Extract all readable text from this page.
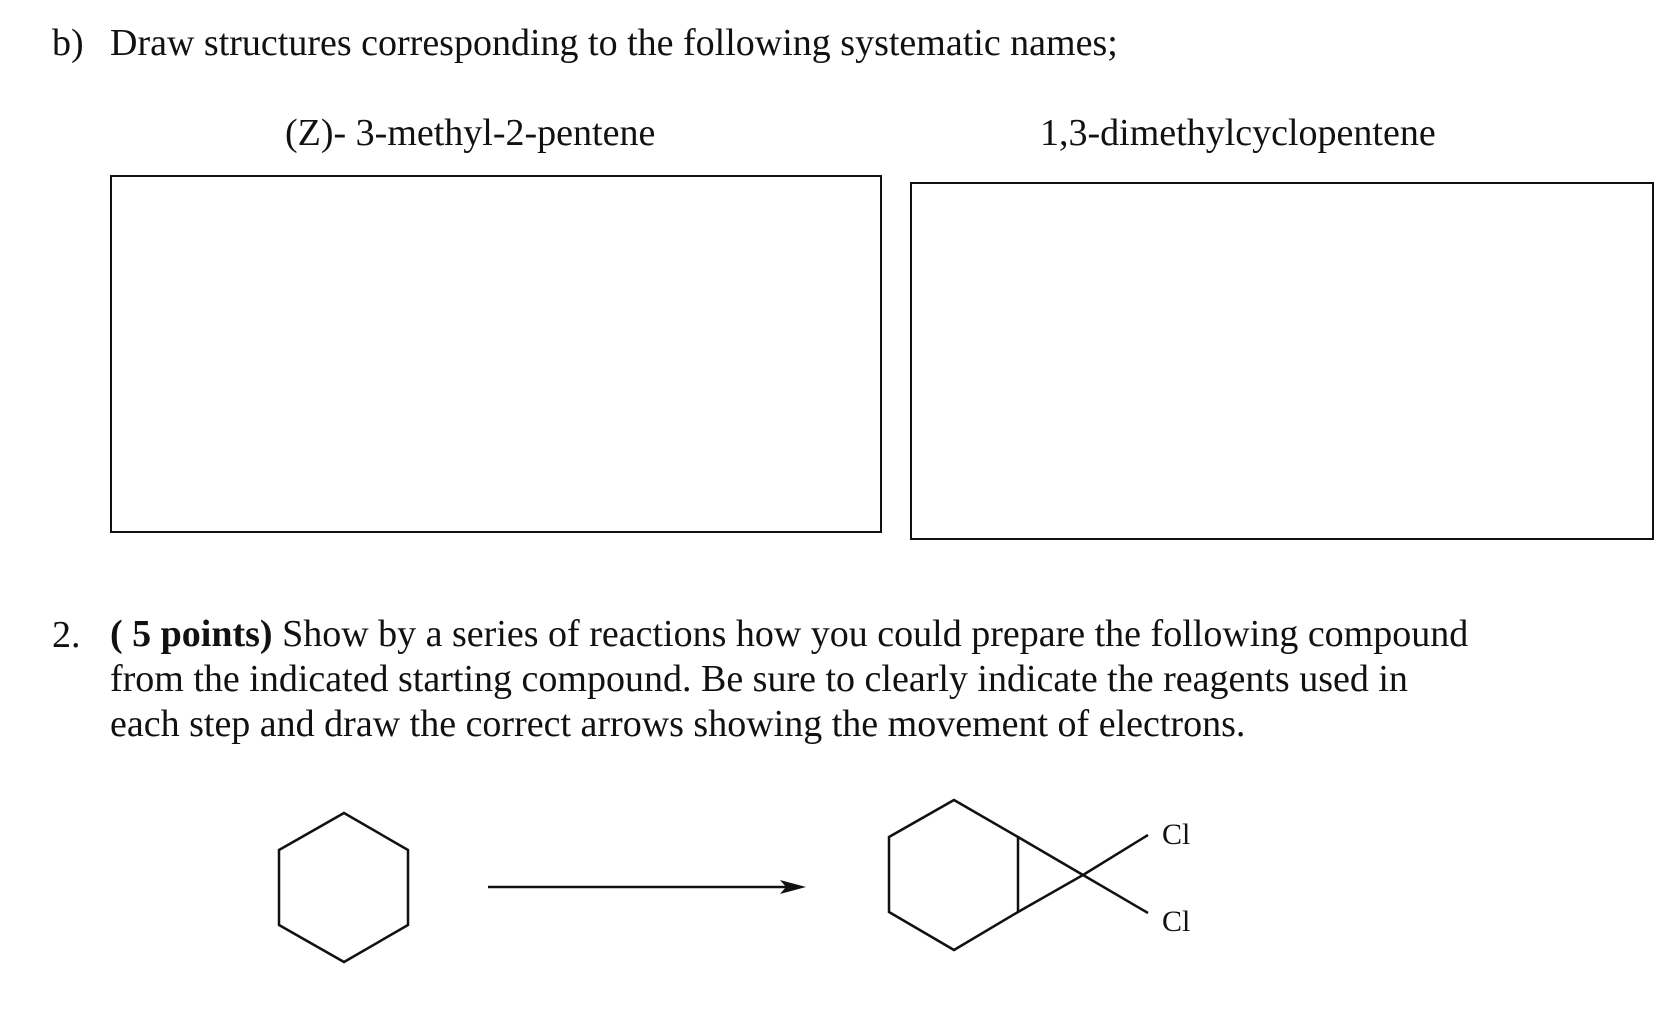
b) Draw structures corresponding to the following systematic names;
(Z)- 3-methyl-2-pentene	1,3-dimethylcyclopentene
2. ( 5 points) Show by a series of reactions how you could prepare the following compound
from the indicated starting compound. Be sure to clearly indicate the reagents used in
each step and draw the correct arrows showing the movement of electrons.
Cl
Cl
